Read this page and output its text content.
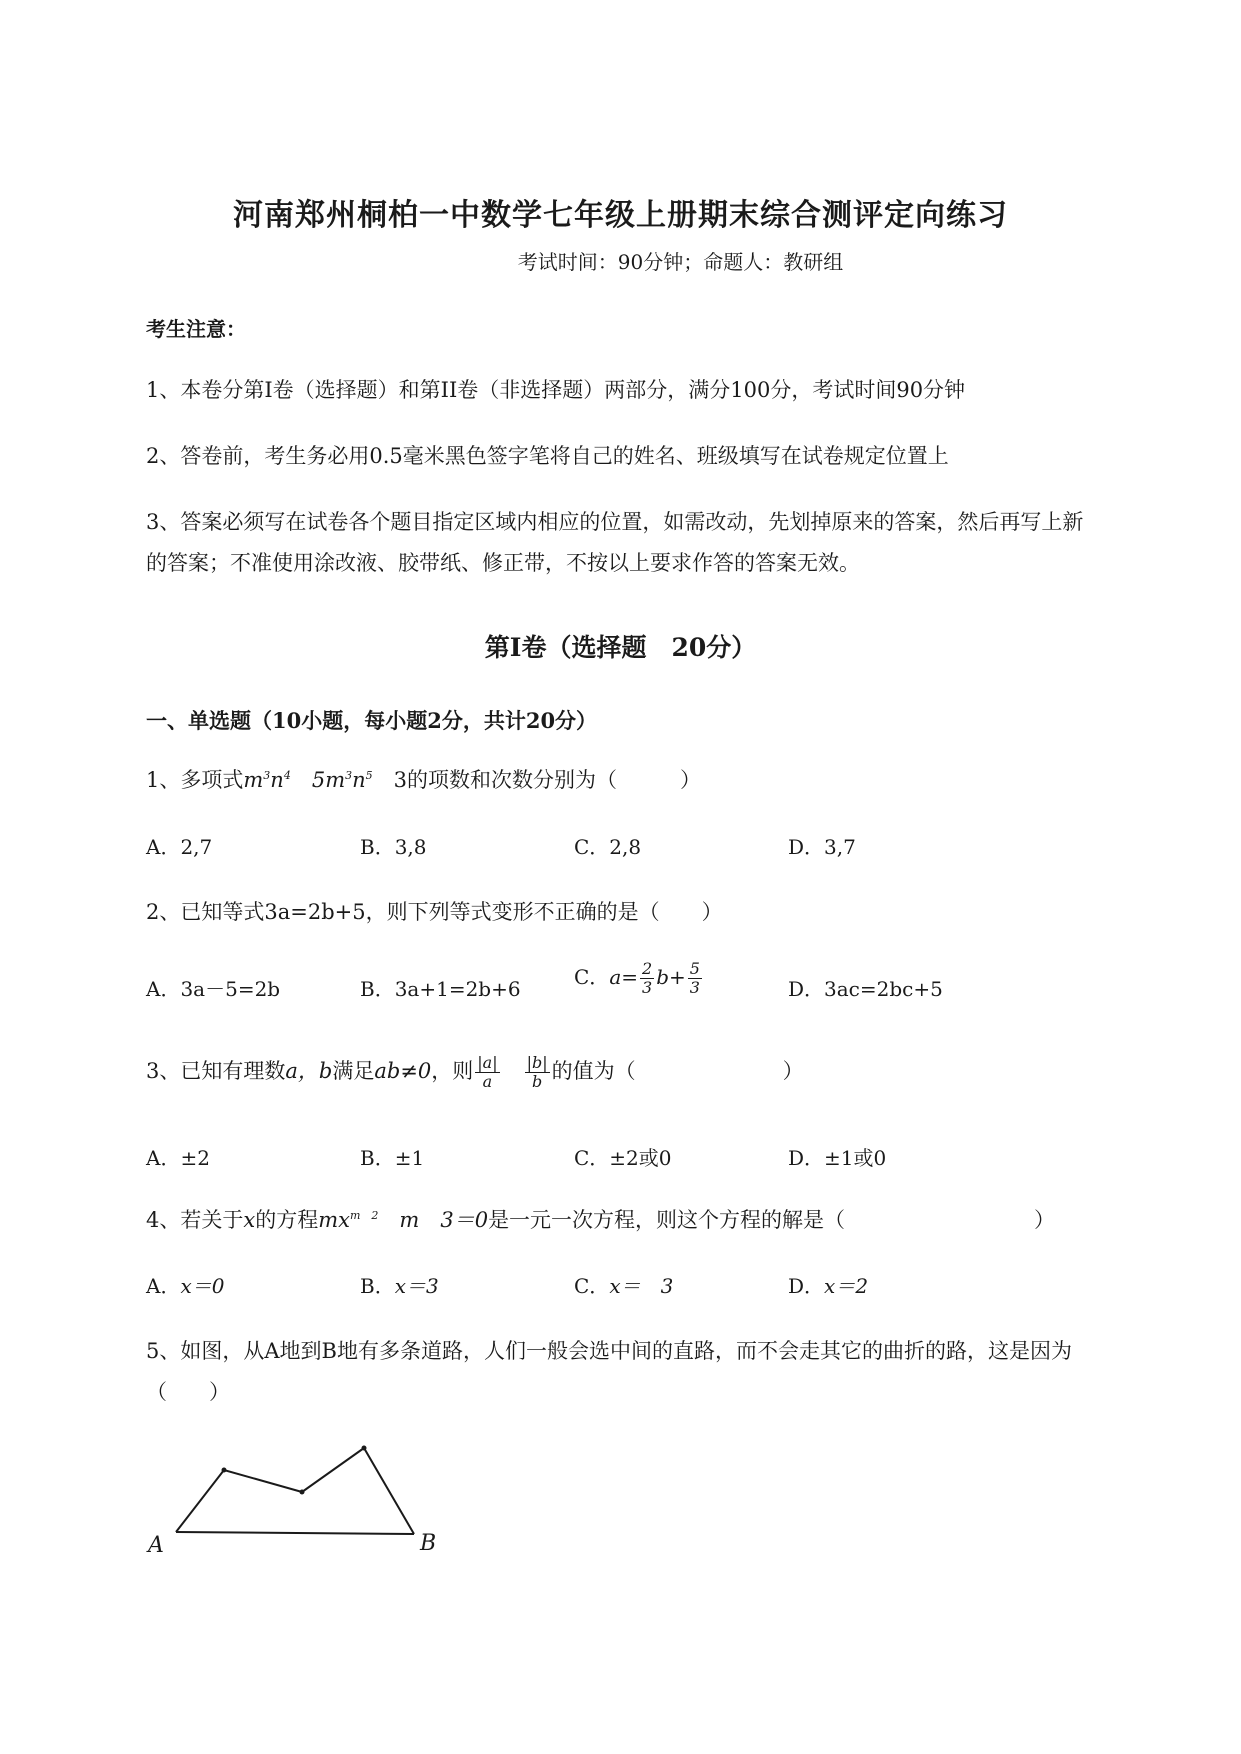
河南郑州桐柏一中数学七年级上册期末综合测评定向练习
考试时间：90分钟；命题人：教研组
考生注意：
1、本卷分第I卷（选择题）和第II卷（非选择题）两部分，满分100分，考试时间90分钟
2、答卷前，考生务必用0.5毫米黑色签字笔将自己的姓名、班级填写在试卷规定位置上
3、答案必须写在试卷各个题目指定区域内相应的位置，如需改动，先划掉原来的答案，然后再写上新
的答案；不准使用涂改液、胶带纸、修正带，不按以上要求作答的答案无效。
第I卷（选择题　20分）
一、单选题（10小题，每小题2分，共计20分）
1、多项式$m^3n^4$　$5m^3n^5$　 3的项数和次数分别为（　　　）
A．2,7	B．3,8	C．2,8	D．3,7
2、已知等式3a=2b+5，则下列等式变形不正确的是（　　）
A．3a－5=2b	B．3a+1=2b+6	C．$a= \frac{2}{3} b+ \frac{5}{3}$	D．3ac=2bc+5
3、已知有理数a，b满足ab≠0，则 $\frac{|a|}{a}$
　 $\frac{|b|}{b}$ 的值为（　　　　　　　）
A．±2	B．±1	C．±2或0	D．±1或0
4、若关于x的方程$mx^{m 2}$　m　3＝0是一元一次方程，则这个方程的解是（　　　　　　　　　）
A．x＝0	B．x＝3	C．x＝　3	D．x＝2
5、如图，从A地到B地有多条道路，人们一般会选中间的直路，而不会走其它的曲折的路，这是因为
（　　）
A	B
